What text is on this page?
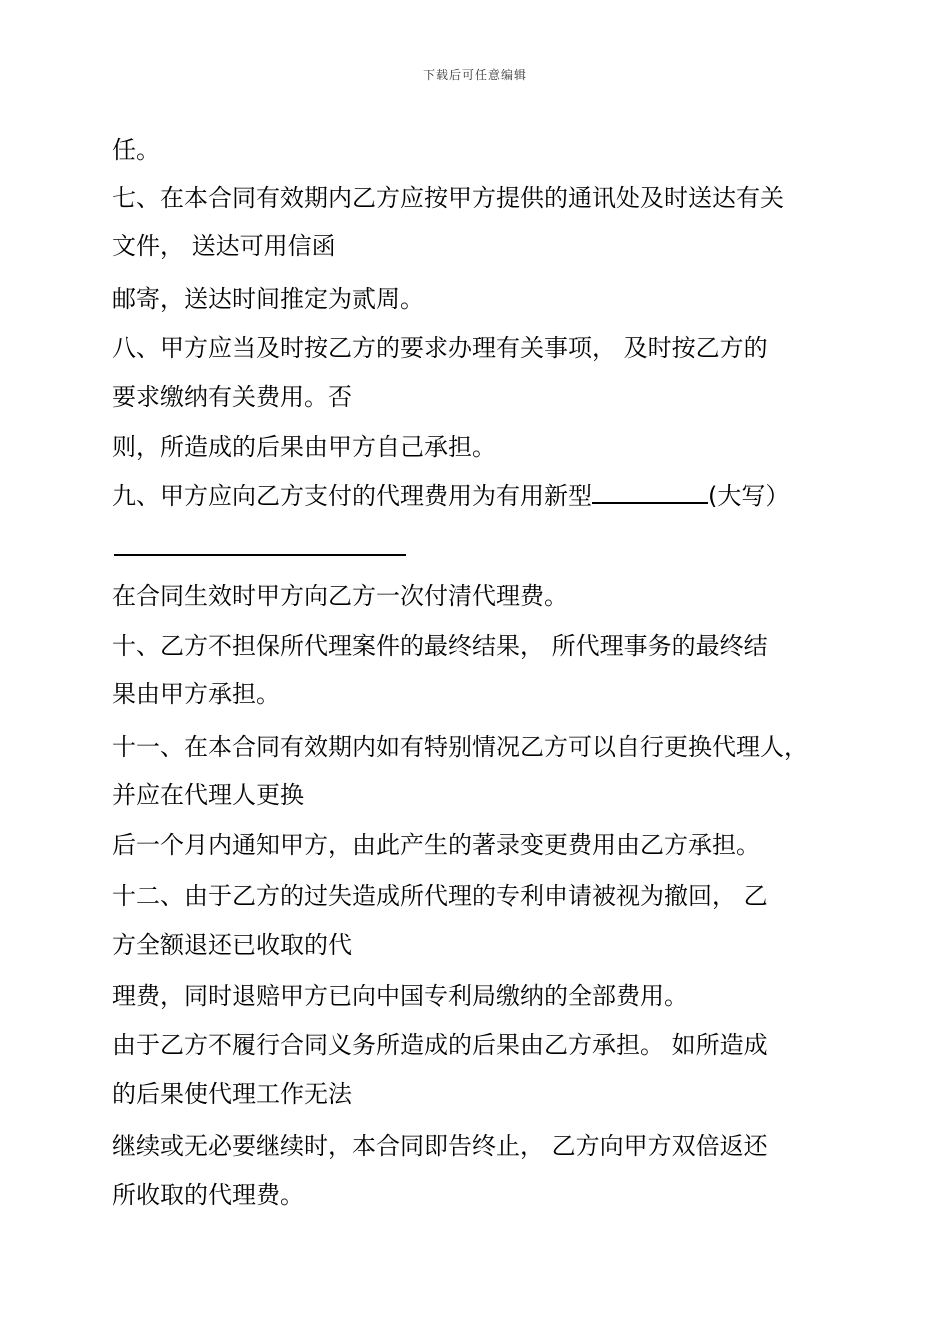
下载后可任意编辑
任。
七、在本合同有效期内乙方应按甲方提供的通讯处及时送达有关
文件， 送达可用信函
邮寄，送达时间推定为贰周。
八、甲方应当及时按乙方的要求办理有关事项， 及时按乙方的
要求缴纳有关费用。否
则，所造成的后果由甲方自己承担。
九、甲方应向乙方支付的代理费用为有用新型	(大写）
在合同生效时甲方向乙方一次付清代理费。
十、乙方不担保所代理案件的最终结果， 所代理事务的最终结
果由甲方承担。
十一、在本合同有效期内如有特别情况乙方可以自行更换代理人，
并应在代理人更换
后一个月内通知甲方，由此产生的著录变更费用由乙方承担。
十二、由于乙方的过失造成所代理的专利申请被视为撤回， 乙
方全额退还已收取的代
理费，同时退赔甲方已向中国专利局缴纳的全部费用。
由于乙方不履行合同义务所造成的后果由乙方承担。 如所造成
的后果使代理工作无法
继续或无必要继续时，本合同即告终止， 乙方向甲方双倍返还
所收取的代理费。
